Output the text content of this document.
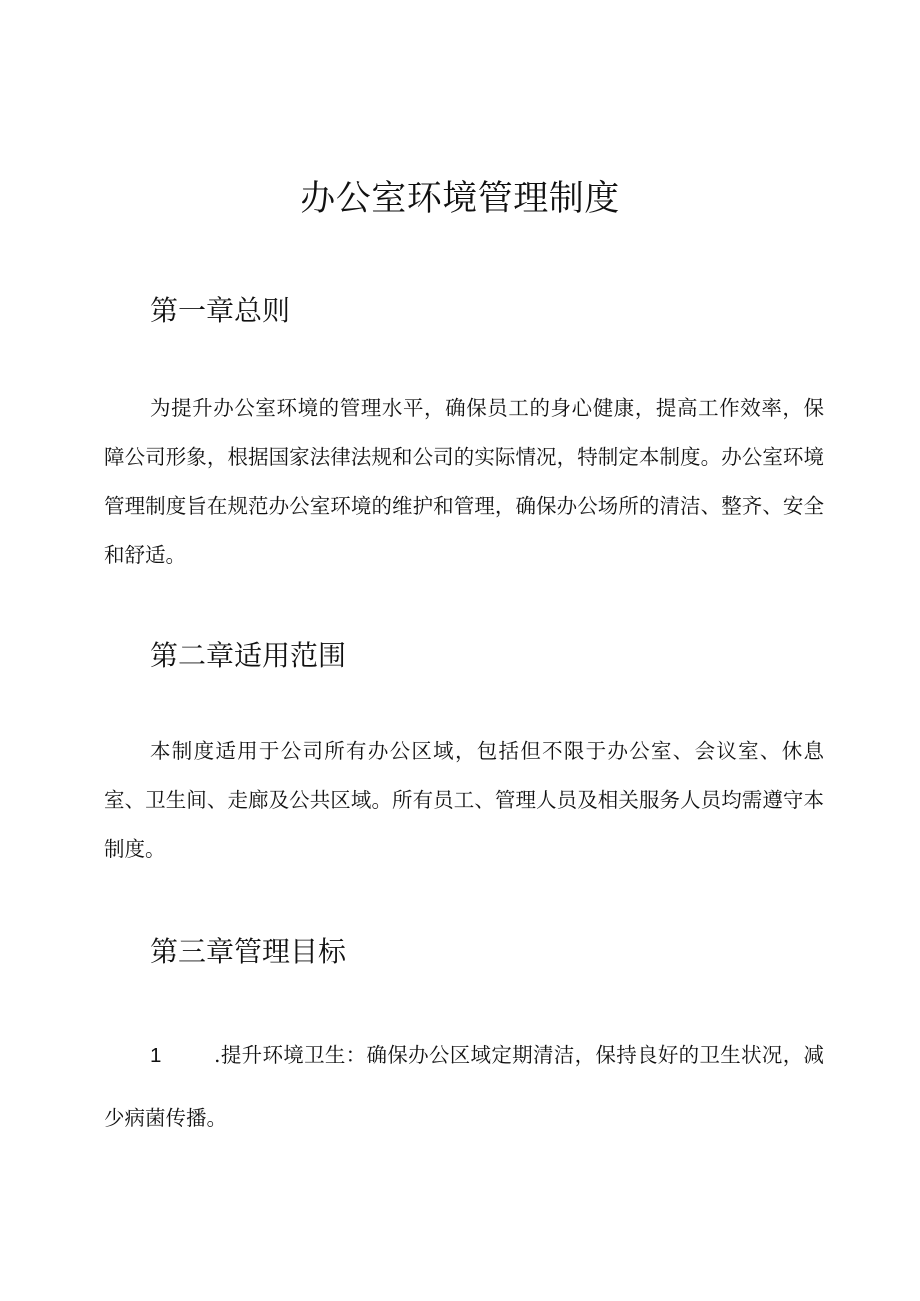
办公室环境管理制度
第一章总则

为提升办公室环境的管理水平，确保员工的身心健康，提高工作效率，保障公司形象，根据国家法律法规和公司的实际情况，特制定本制度。办公室环境管理制度旨在规范办公室环境的维护和管理，确保办公场所的清洁、整齐、安全和舒适。

第二章适用范围

本制度适用于公司所有办公区域，包括但不限于办公室、会议室、休息室、卫生间、走廊及公共区域。所有员工、管理人员及相关服务人员均需遵守本制度。

第三章管理目标

1	.提升环境卫生：确保办公区域定期清洁，保持良好的卫生状况，减少病菌传播。
